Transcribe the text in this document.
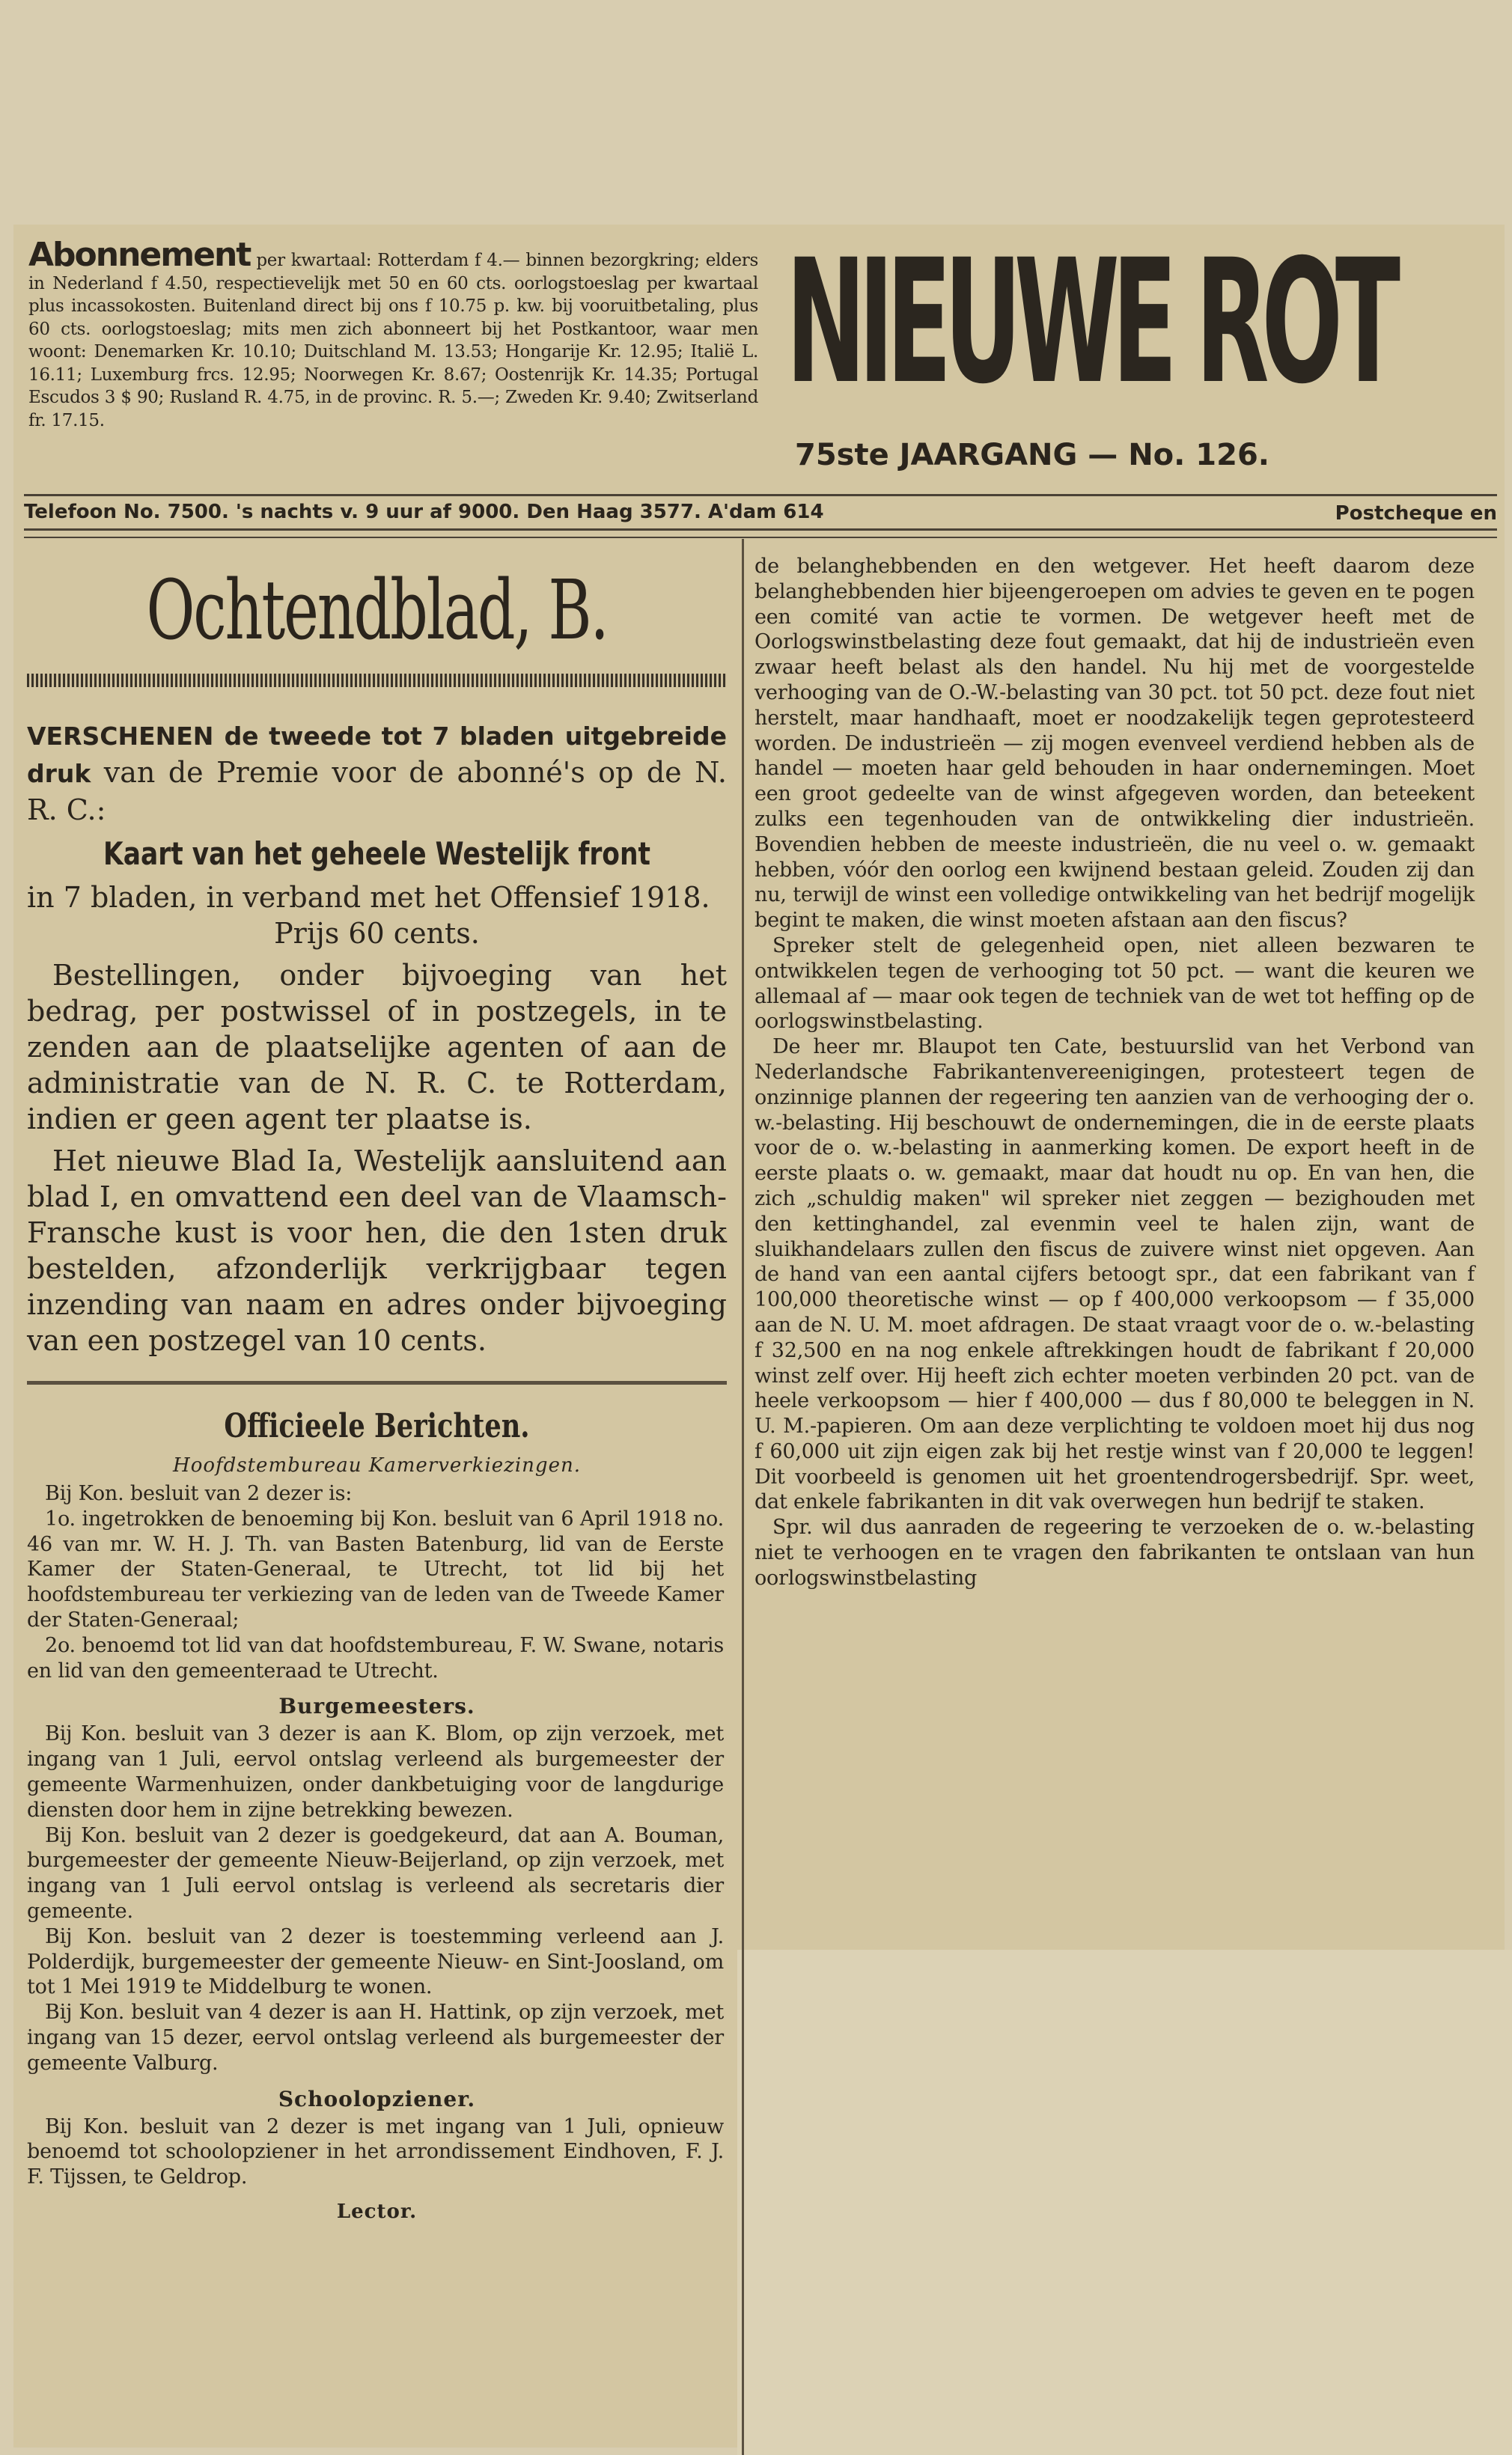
Abonnement per kwartaal: Rotterdam f 4.— binnen bezorgkring; elders in Nederland f 4.50, respectievelijk met 50 en 60 cts. oorlogstoeslag per kwartaal plus incassokosten. Buitenland direct bij ons f 10.75 p. kw. bij vooruitbetaling, plus 60 cts. oorlogstoeslag; mits men zich abonneert bij het Postkantoor, waar men woont: Denemarken Kr. 10.10; Duitschland M. 13.53; Hongarije Kr. 12.95; Italië L. 16.11; Luxemburg frcs. 12.95; Noorwegen Kr. 8.67; Oostenrijk Kr. 14.35; Portugal Escudos 3 $ 90; Rusland R. 4.75, in de provinc. R. 5.—; Zweden Kr. 9.40; Zwitserland fr. 17.15.	NIEUWE ROT
75ste JAARGANG — No. 126.
Telefoon No. 7500. 's nachts v. 9 uur af 9000. Den Haag 3577. A'dam 614	Postcheque en
Ochtendblad, B.
VERSCHENEN de tweede tot 7 bladen uitgebreide druk van de Premie voor de abonné's op de N. R. C.:
Kaart van het geheele Westelijk front
in 7 bladen, in verband met het Offensief 1918.
Prijs 60 cents.
Bestellingen, onder bijvoeging van het bedrag, per postwissel of in postzegels, in te zenden aan de plaatselijke agenten of aan de administratie van de N. R. C. te Rotterdam, indien er geen agent ter plaatse is.
Het nieuwe Blad Ia, Westelijk aansluitend aan blad I, en omvattend een deel van de Vlaamsch-Fransche kust is voor hen, die den 1sten druk bestelden, afzonderlijk verkrijgbaar tegen inzending van naam en adres onder bijvoeging van een postzegel van 10 cents.
Officieele Berichten.
Hoofdstembureau Kamerverkiezingen.

Bij Kon. besluit van 2 dezer is:

1o. ingetrokken de benoeming bij Kon. besluit van 6 April 1918 no. 46 van mr. W. H. J. Th. van Basten Batenburg, lid van de Eerste Kamer der Staten-Generaal, te Utrecht, tot lid bij het hoofdstembureau ter verkiezing van de leden van de Tweede Kamer der Staten-Generaal;

2o. benoemd tot lid van dat hoofdstembureau, F. W. Swane, notaris en lid van den gemeenteraad te Utrecht.

Burgemeesters.

Bij Kon. besluit van 3 dezer is aan K. Blom, op zijn verzoek, met ingang van 1 Juli, eervol ontslag verleend als burgemeester der gemeente Warmenhuizen, onder dankbetuiging voor de langdurige diensten door hem in zijne betrekking bewezen.

Bij Kon. besluit van 2 dezer is goedgekeurd, dat aan A. Bouman, burgemeester der gemeente Nieuw-Beijerland, op zijn verzoek, met ingang van 1 Juli eervol ontslag is verleend als secretaris dier gemeente.

Bij Kon. besluit van 2 dezer is toestemming verleend aan J. Polderdijk, burgemeester der gemeente Nieuw- en Sint-Joosland, om tot 1 Mei 1919 te Middelburg te wonen.

Bij Kon. besluit van 4 dezer is aan H. Hattink, op zijn verzoek, met ingang van 15 dezer, eervol ontslag verleend als burgemeester der gemeente Valburg.

Schoolopziener.

Bij Kon. besluit van 2 dezer is met ingang van 1 Juli, opnieuw benoemd tot schoolopziener in het arrondissement Eindhoven, F. J. F. Tijssen, te Geldrop.

Lector.

de belanghebbenden en den wetgever. Het heeft daarom deze belanghebbenden hier bijeengeroepen om advies te geven en te pogen een comité van actie te vormen. De wetgever heeft met de Oorlogswinstbelasting deze fout gemaakt, dat hij de industrieën even zwaar heeft belast als den handel. Nu hij met de voorgestelde verhooging van de O.-W.-belasting van 30 pct. tot 50 pct. deze fout niet herstelt, maar handhaaft, moet er noodzakelijk tegen geprotesteerd worden. De industrieën — zij mogen evenveel verdiend hebben als de handel — moeten haar geld behouden in haar ondernemingen. Moet een groot gedeelte van de winst afgegeven worden, dan beteekent zulks een tegenhouden van de ontwikkeling dier industrieën. Bovendien hebben de meeste industrieën, die nu veel o. w. gemaakt hebben, vóór den oorlog een kwijnend bestaan geleid. Zouden zij dan nu, terwijl de winst een volledige ontwikkeling van het bedrijf mogelijk begint te maken, die winst moeten afstaan aan den fiscus?

Spreker stelt de gelegenheid open, niet alleen bezwaren te ontwikkelen tegen de verhooging tot 50 pct. — want die keuren we allemaal af — maar ook tegen de techniek van de wet tot heffing op de oorlogswinstbelasting.

De heer mr. Blaupot ten Cate, bestuurslid van het Verbond van Nederlandsche Fabrikantenvereenigingen, protesteert tegen de onzinnige plannen der regeering ten aanzien van de verhooging der o. w.-belasting. Hij beschouwt de ondernemingen, die in de eerste plaats voor de o. w.-belasting in aanmerking komen. De export heeft in de eerste plaats o. w. gemaakt, maar dat houdt nu op. En van hen, die zich „schuldig maken" wil spreker niet zeggen — bezighouden met den kettinghandel, zal evenmin veel te halen zijn, want de sluikhandelaars zullen den fiscus de zuivere winst niet opgeven. Aan de hand van een aantal cijfers betoogt spr., dat een fabrikant van f 100,000 theoretische winst — op f 400,000 verkoopsom — f 35,000 aan de N. U. M. moet afdragen. De staat vraagt voor de o. w.-belasting f 32,500 en na nog enkele aftrekkingen houdt de fabrikant f 20,000 winst zelf over. Hij heeft zich echter moeten verbinden 20 pct. van de heele verkoopsom — hier f 400,000 — dus f 80,000 te beleggen in N. U. M.-papieren. Om aan deze verplichting te voldoen moet hij dus nog f 60,000 uit zijn eigen zak bij het restje winst van f 20,000 te leggen! Dit voorbeeld is genomen uit het groentendrogersbedrijf. Spr. weet, dat enkele fabrikanten in dit vak overwegen hun bedrijf te staken.

Spr. wil dus aanraden de regeering te verzoeken de o. w.-belasting niet te verhoogen en te vragen den fabrikanten te ontslaan van hun oorlogswinstbelasting
